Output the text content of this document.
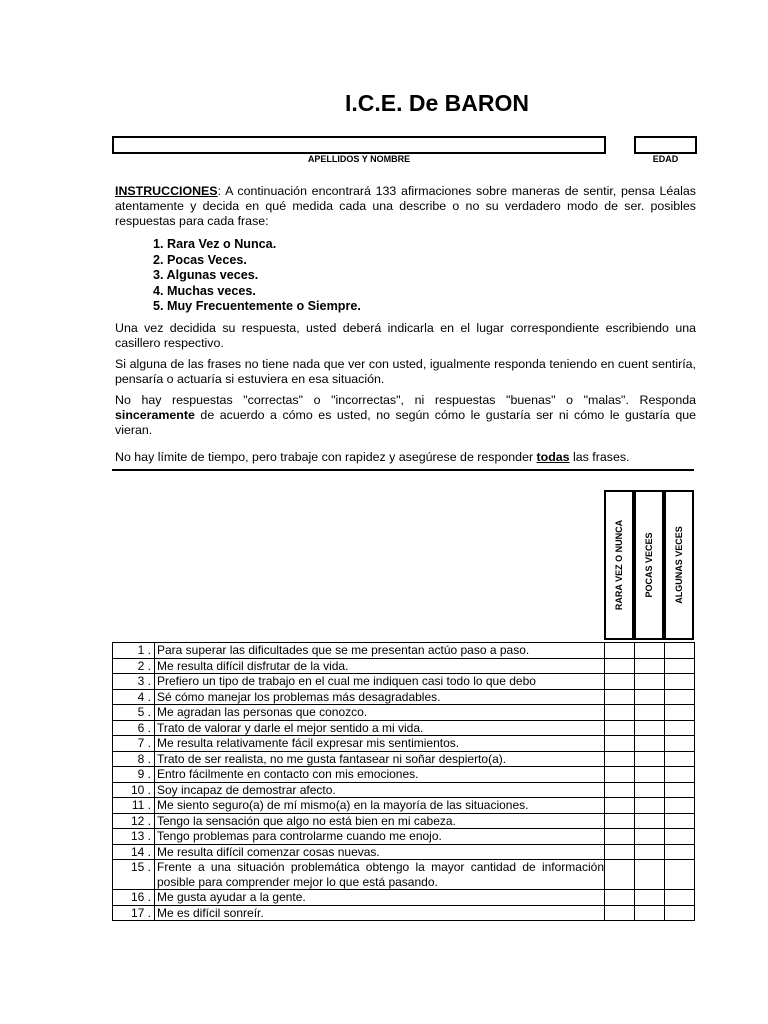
I.C.E. De BARON
APELLIDOS Y NOMBRE	EDAD
INSTRUCCIONES: A continuación encontrará 133 afirmaciones sobre maneras de sentir, pensa Léalas atentamente y decida en qué medida cada una describe o no su verdadero modo de ser. posibles respuestas para cada frase:
1. Rara Vez o Nunca.
2. Pocas Veces.
3. Algunas veces.
4. Muchas veces.
5. Muy Frecuentemente o Siempre.
Una vez decidida su respuesta, usted deberá indicarla en el lugar correspondiente escribiendo una casillero respectivo.
Si alguna de las frases no tiene nada que ver con usted, igualmente responda teniendo en cuent sentiría, pensaría o actuaría si estuviera en esa situación.
No hay respuestas "correctas" o "incorrectas", ni respuestas "buenas" o "malas". Responda sinceramente de acuerdo a cómo es usted, no según cómo le gustaría ser ni cómo le gustaría que vieran.
No hay límite de tiempo, pero trabaje con rapidez y asegúrese de responder todas las frases.
RARA VEZ O NUNCA POCAS VECES ALGUNAS VECES
1 .	Para superar las dificultades que se me presentan actúo paso a paso.			
2 .	Me resulta difícil disfrutar de la vida.			
3 .	Prefiero un tipo de trabajo en el cual me indiquen casi todo lo que debo			
4 .	Sé cómo manejar los problemas más desagradables.			
5 .	Me agradan las personas que conozco.			
6 .	Trato de valorar y darle el mejor sentido a mi vida.			
7 .	Me resulta relativamente fácil expresar mis sentimientos.			
8 .	Trato de ser realista, no me gusta fantasear ni soñar despierto(a).			
9 .	Entro fácilmente en contacto con mis emociones.			
10 .	Soy incapaz de demostrar afecto.			
11 .	Me siento seguro(a) de mí mismo(a) en la mayoría de las situaciones.			
12 .	Tengo la sensación que algo no está bien en mi cabeza.			
13 .	Tengo problemas para controlarme cuando me enojo.			
14 .	Me resulta difícil comenzar cosas nuevas.			
15 .	Frente a una situación problemática obtengo la mayor cantidad de información posible para comprender mejor lo que está pasando.			
16 .	Me gusta ayudar a la gente.			
17 .	Me es difícil sonreír.			
